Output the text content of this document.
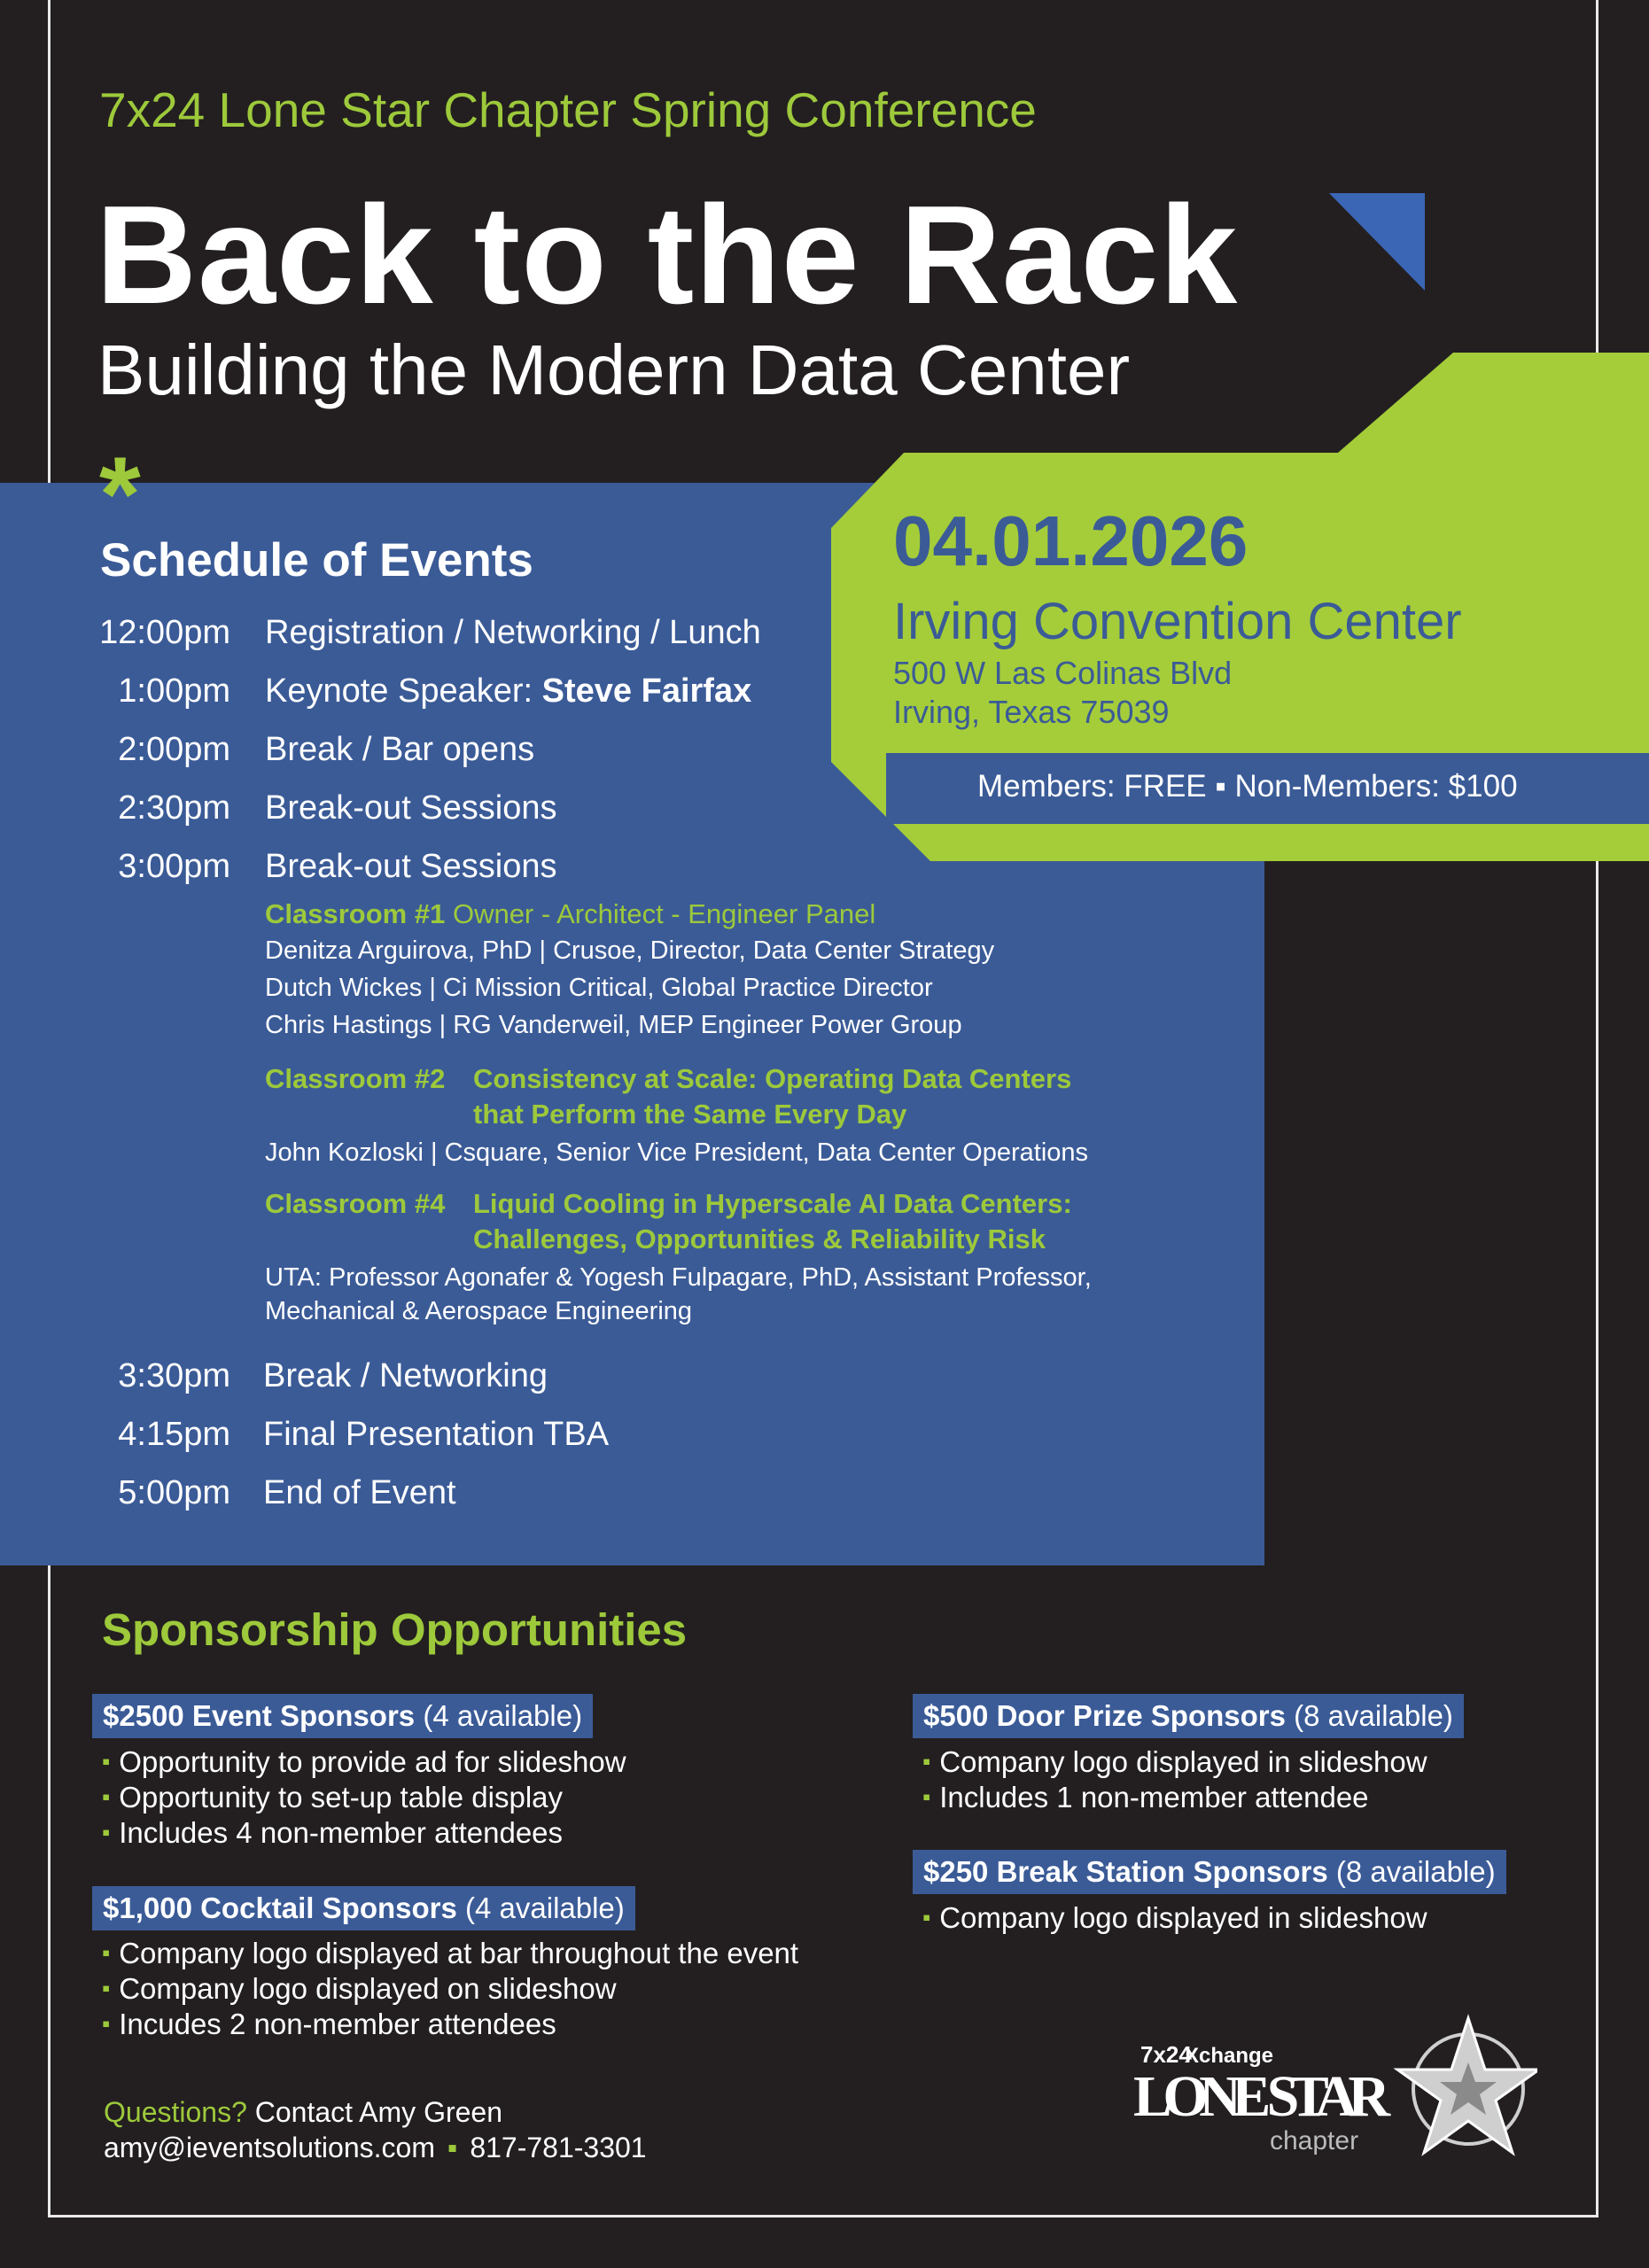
7x24 Lone Star Chapter Spring Conference
Back to the Rack
Building the Modern Data Center
*
Schedule of Events
12:00pm Registration / Networking / Lunch
1:00pm Keynote Speaker: Steve Fairfax
2:00pm Break / Bar opens
2:30pm Break-out Sessions
3:00pm Break-out Sessions
Classroom #1 Owner - Architect - Engineer Panel
Denitza Arguirova, PhD | Crusoe, Director, Data Center Strategy
Dutch Wickes | Ci Mission Critical, Global Practice Director
Chris Hastings | RG Vanderweil, MEP Engineer Power Group
Classroom #2 Consistency at Scale: Operating Data Centers
that Perform the Same Every Day
John Kozloski | Csquare, Senior Vice President, Data Center Operations
Classroom #4 Liquid Cooling in Hyperscale AI Data Centers:
Challenges, Opportunities & Reliability Risk
UTA: Professor Agonafer & Yogesh Fulpagare, PhD, Assistant Professor,
Mechanical & Aerospace Engineering
3:30pm Break / Networking
4:15pm Final Presentation TBA
5:00pm End of Event
04.01.2026
Irving Convention Center
500 W Las Colinas Blvd
Irving, Texas 75039
Members: FREE ▪ Non-Members: $100
Sponsorship Opportunities
$2500 Event Sponsors (4 available)
▪ Opportunity to provide ad for slideshow
▪ Opportunity to set-up table display
▪ Includes 4 non-member attendees
$1,000 Cocktail Sponsors (4 available)
▪ Company logo displayed at bar throughout the event
▪ Company logo displayed on slideshow
▪ Incudes 2 non-member attendees
$500 Door Prize Sponsors (8 available)
▪ Company logo displayed in slideshow
▪ Includes 1 non-member attendee
$250 Break Station Sponsors (8 available)
▪ Company logo displayed in slideshow
Questions? Contact Amy Green
amy@ieventsolutions.com ▪ 817-781-3301
7x24
Xchange
LONE STAR
chapter
